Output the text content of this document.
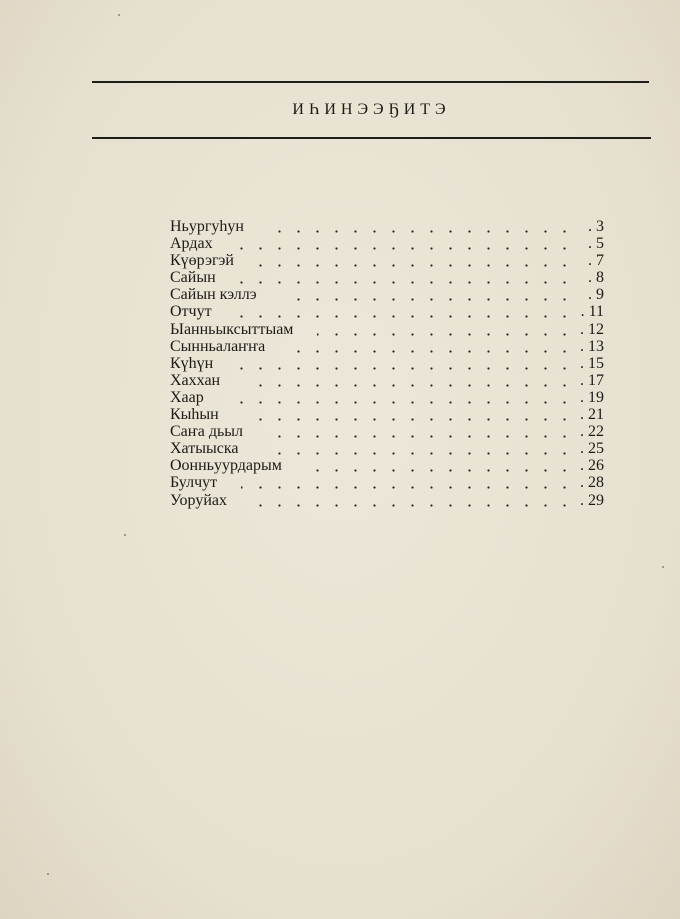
ИҺИНЭЭҔИТЭ
Ньургуһун	. 3
Ардах	. 5
Күөрэгэй	. 7
Сайын	. 8
Сайын кэллэ	. 9
Отчут	. 11
Ыанньыксыттыам	. 12
Сынньалаҥҥа	. 13
Күһүн	. 15
Хаххан	. 17
Хаар	. 19
Кыһын	. 21
Саҥа дьыл	. 22
Хатыыска	. 25
Оонньуурдарым	. 26
Булчут	. 28
Уоруйах	. 29
